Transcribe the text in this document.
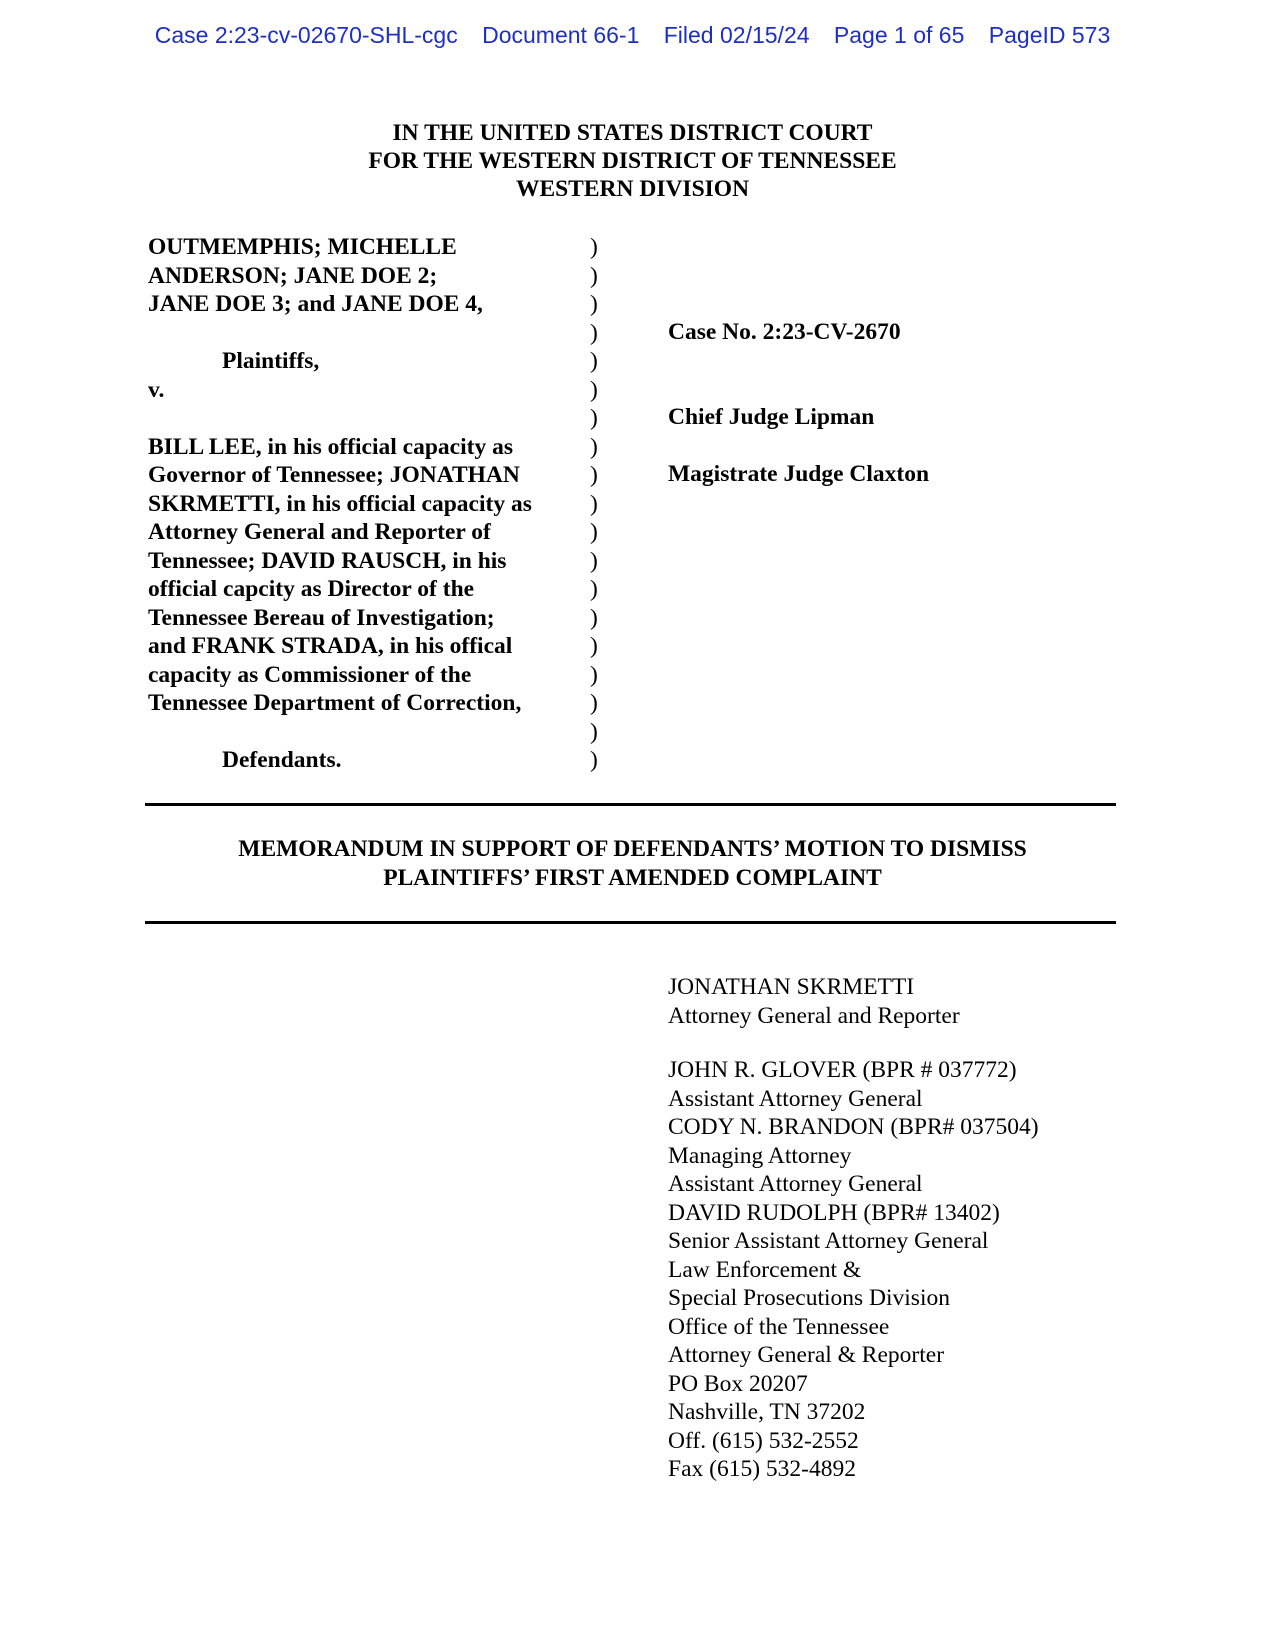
Case 2:23-cv-02670-SHL-cgc Document 66-1 Filed 02/15/24 Page 1 of 65 PageID 573
IN THE UNITED STATES DISTRICT COURT
FOR THE WESTERN DISTRICT OF TENNESSEE
WESTERN DIVISION
OUTMEMPHIS; MICHELLE
ANDERSON; JANE DOE 2;
JANE DOE 3; and JANE DOE 4,
Plaintiffs,
v.
BILL LEE, in his official capacity as
Governor of Tennessee; JONATHAN
SKRMETTI, in his official capacity as
Attorney General and Reporter of
Tennessee; DAVID RAUSCH, in his
official capcity as Director of the
Tennessee Bereau of Investigation;
and FRANK STRADA, in his offical
capacity as Commissioner of the
Tennessee Department of Correction,
Defendants.
)
)
)
)
)
)
)
)
)
)
)
)
)
)
)
)
)
)
)
Case No. 2:23-CV-2670
Chief Judge Lipman
Magistrate Judge Claxton
MEMORANDUM IN SUPPORT OF DEFENDANTS’ MOTION TO DISMISS
PLAINTIFFS’ FIRST AMENDED COMPLAINT
JONATHAN SKRMETTI
Attorney General and Reporter
JOHN R. GLOVER (BPR # 037772)
Assistant Attorney General
CODY N. BRANDON (BPR# 037504)
Managing Attorney
Assistant Attorney General
DAVID RUDOLPH (BPR# 13402)
Senior Assistant Attorney General
Law Enforcement &
Special Prosecutions Division
Office of the Tennessee
Attorney General & Reporter
PO Box 20207
Nashville, TN 37202
Off. (615) 532-2552
Fax (615) 532-4892
